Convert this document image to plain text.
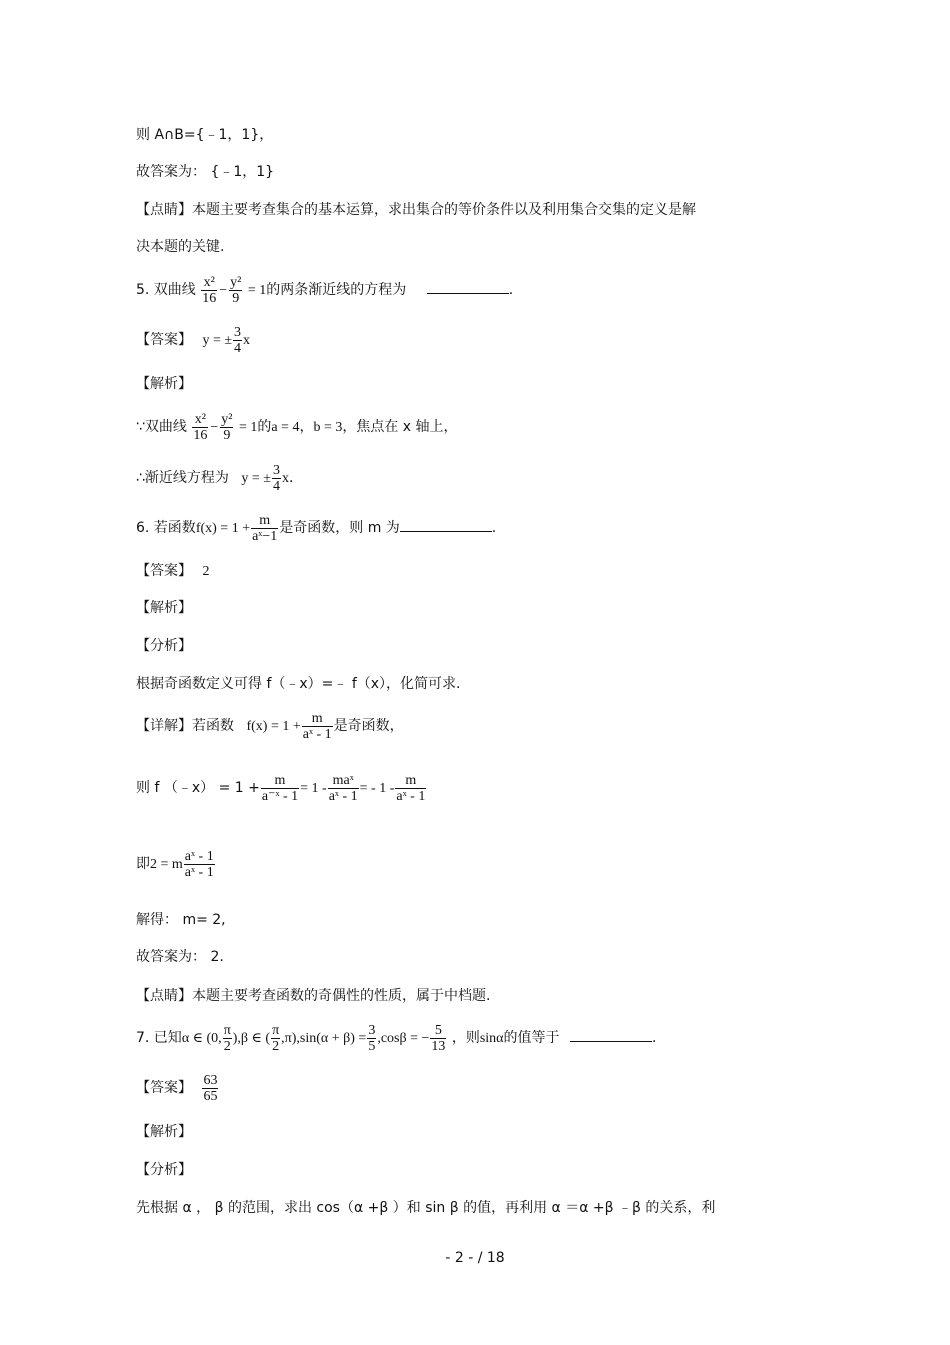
则 A∩B={﹣1，1}，
故答案为： {﹣1，1}
【点睛】本题主要考查集合的基本运算，求出集合的等价条件以及利用集合交集的定义是解
决本题的关键.
5. 双曲线 $\frac{\text{x²}}{16} - \frac{\text{y²}}{9} = 1$的两条渐近线的方程为	.
【答案】 y = ± $\frac{3}{4}$ x
【解析】
∵双曲线 $\frac{\text{x²}}{16} - \frac{\text{y²}}{9} = 1$的a = 4，b = 3，焦点在 x 轴上，
∴渐近线方程为 y = ± $\frac{3}{4} x$.
6. 若函数$f(x) = 1 + \frac{m}{\text{aˣ−1}}$ 是奇函数，则 m 为	.
【答案】 2
【解析】
【分析】
根据奇函数定义可得 f（﹣x）=﹣ f（x），化简可求.
【详解】若函数 $f(x) = 1 + \frac{m}{\text{aˣ - 1}}$ 是奇函数，
则 f （﹣x） = $1 + \frac{m}{\text{a⁻ˣ - 1}} = 1 - \frac{\text{maˣ}}{\text{aˣ - 1}}$ = - $1 - \frac{m}{\text{aˣ - 1}}$
即2 = m $\frac{\text{aˣ - 1}}{\text{aˣ - 1}}$
解得： m= 2,
故答案为： 2.
【点睛】本题主要考查函数的奇偶性的性质，属于中档题.
7. 已知α ∈ (0, $\frac{\pi}{2} ),\beta$ ∈ ( $\frac{\pi}{2} ,\pi),\sin(\alpha + \beta) = \frac{3}{5} ,\cos\beta$ = − $\frac{5}{13}$ ，则sinα的值等于	.
【答案】 $\frac{63}{65}$
【解析】
【分析】
先根据 α ， β 的范围，求出 cos（α +β ）和 sin β 的值，再利用 α ＝α +β ﹣β 的关系，利
- 2 - / 18
